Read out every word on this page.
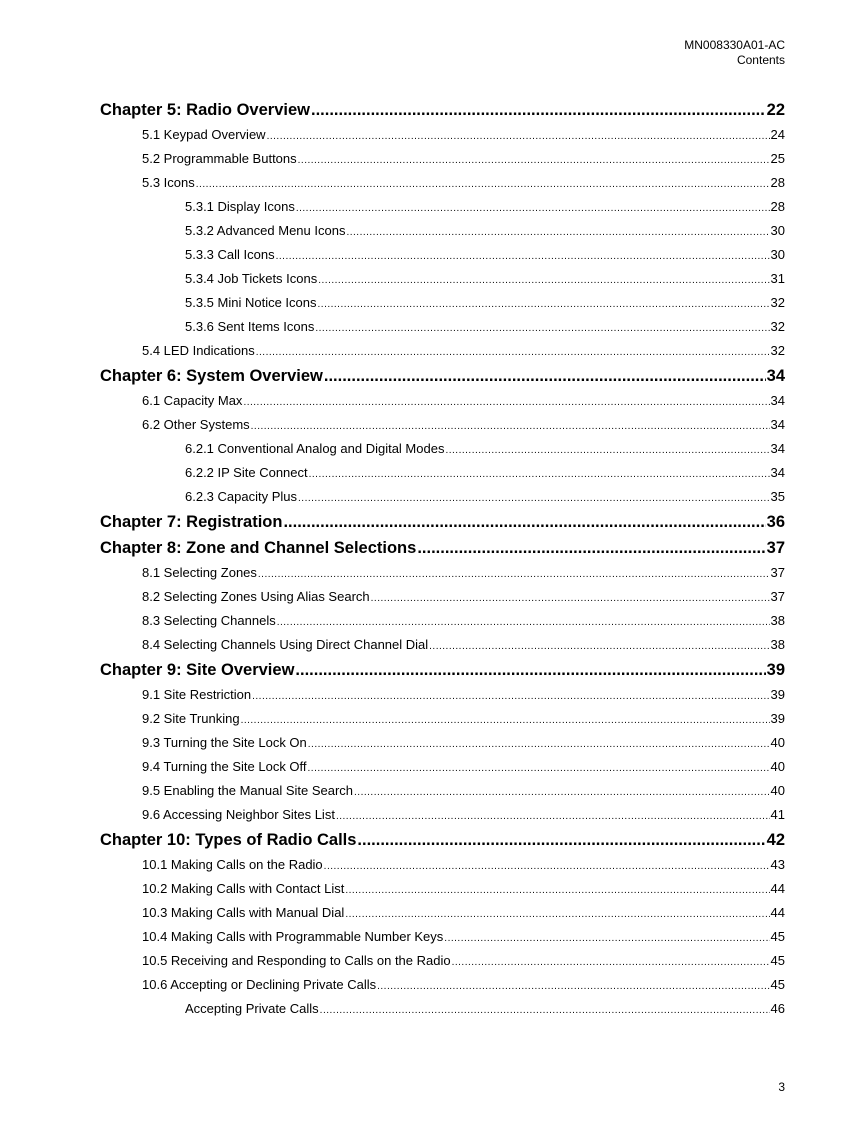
MN008330A01-AC
Contents
Chapter 5: Radio Overview .....	22
5.1 Keypad Overview .....	24
5.2 Programmable Buttons .....	25
5.3 Icons .....	28
5.3.1 Display Icons .....	28
5.3.2 Advanced Menu Icons .....	30
5.3.3 Call Icons .....	30
5.3.4 Job Tickets Icons .....	31
5.3.5 Mini Notice Icons .....	32
5.3.6 Sent Items Icons .....	32
5.4 LED Indications .....	32
Chapter 6: System Overview .....	34
6.1 Capacity Max .....	34
6.2 Other Systems .....	34
6.2.1 Conventional Analog and Digital Modes .....	34
6.2.2 IP Site Connect .....	34
6.2.3 Capacity Plus .....	35
Chapter 7: Registration .....	36
Chapter 8: Zone and Channel Selections .....	37
8.1 Selecting Zones .....	37
8.2 Selecting Zones Using Alias Search .....	37
8.3 Selecting Channels .....	38
8.4 Selecting Channels Using Direct Channel Dial .....	38
Chapter 9: Site Overview .....	39
9.1 Site Restriction .....	39
9.2 Site Trunking .....	39
9.3 Turning the Site Lock On .....	40
9.4 Turning the Site Lock Off .....	40
9.5 Enabling the Manual Site Search .....	40
9.6 Accessing Neighbor Sites List .....	41
Chapter 10: Types of Radio Calls .....	42
10.1 Making Calls on the Radio .....	43
10.2 Making Calls with Contact List .....	44
10.3 Making Calls with Manual Dial .....	44
10.4 Making Calls with Programmable Number Keys .....	45
10.5 Receiving and Responding to Calls on the Radio .....	45
10.6 Accepting or Declining Private Calls .....	45
Accepting Private Calls .....	46
3
